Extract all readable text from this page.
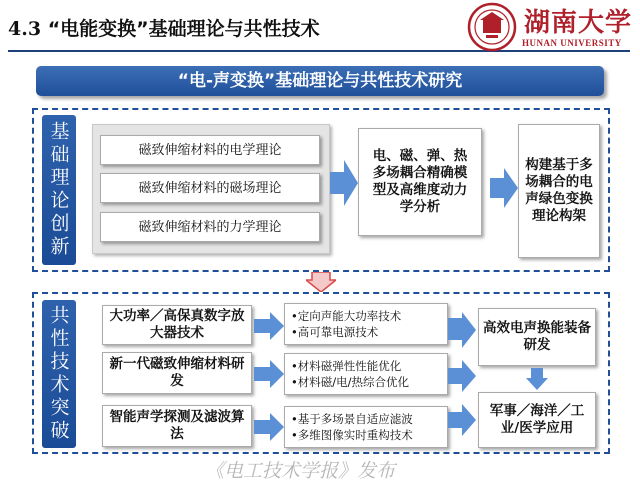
4.3 “电能变换”基础理论与共性技术	湖南大学
HUNAN UNIVERSITY
“电-声变换”基础理论与共性技术研究
基础理论创新	磁致伸缩材料的电学理论
磁致伸缩材料的磁场理论
磁致伸缩材料的力学理论
电、磁、弹、热多场耦合精确模型及高维度动力学分析
构建基于多场耦合的电声绿色变换理论构架
共性技术突破	大功率／高保真数字放大器技术
新一代磁致伸缩材料研发
智能声学探测及滤波算法
•定向声能大功率技术
•高可靠电源技术
•材料磁弹性性能优化
•材料磁/电/热综合优化
•基于多场景自适应滤波
•多维图像实时重构技术
高效电声换能装备研发
军事／海洋／工业/医学应用
《电工技术学报》发布
